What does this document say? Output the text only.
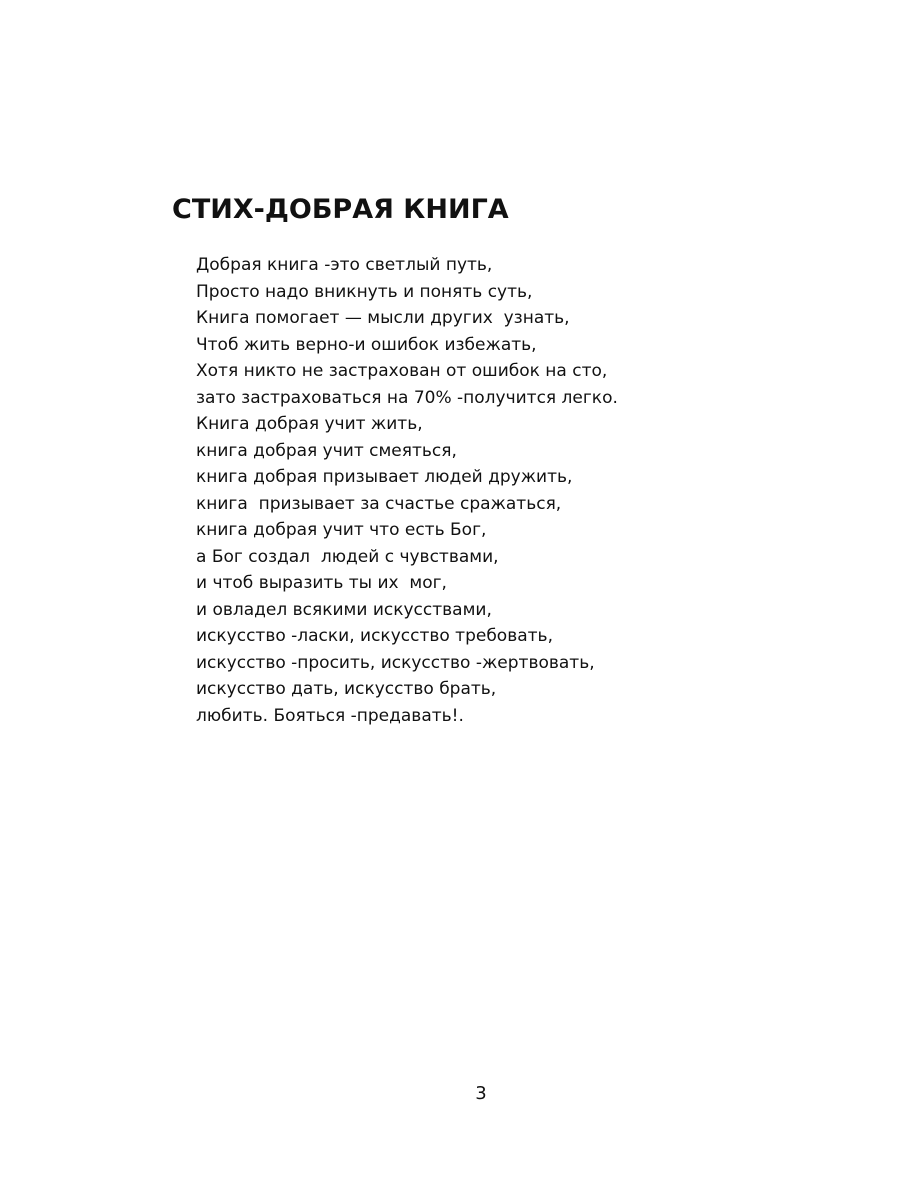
СТИХ-ДОБРАЯ КНИГА
Добрая книга -это светлый путь,
Просто надо вникнуть и понять суть,
Книга помогает — мысли других  узнать,
Чтоб жить верно-и ошибок избежать,
Хотя никто не застрахован от ошибок на сто,
зато застраховаться на 70% -получится легко.
Книга добрая учит жить,
книга добрая учит смеяться,
книга добрая призывает людей дружить,
книга  призывает за счастье сражаться,
книга добрая учит что есть Бог,
а Бог создал  людей с чувствами,
и чтоб выразить ты их  мог,
и овладел всякими искусствами,
искусство -ласки, искусство требовать,
искусство -просить, искусство -жертвовать,
искусство дать, искусство брать,
любить. Бояться -предавать!.
3
